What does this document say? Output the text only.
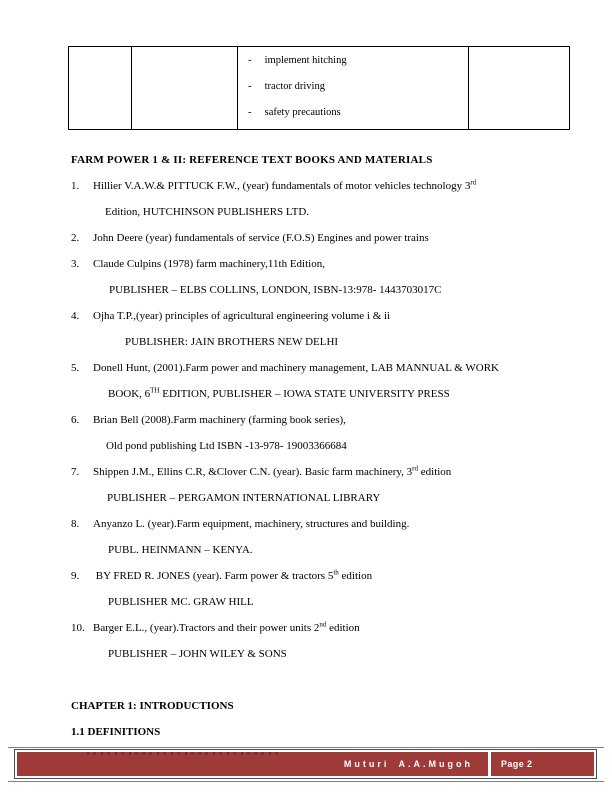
- implement hitching
- tractor driving
- safety precautions

FARM POWER 1 & II: REFERENCE TEXT BOOKS AND MATERIALS
1. Hillier V.A.W.& PITTUCK F.W., (year) fundamentals of motor vehicles technology 3rd
Edition, HUTCHINSON PUBLISHERS LTD.
2. John Deere (year) fundamentals of service (F.O.S) Engines and power trains
3. Claude Culpins (1978) farm machinery,11th Edition,
PUBLISHER – ELBS COLLINS, LONDON, ISBN-13:978- 1443703017C
4. Ojha T.P.,(year) principles of agricultural engineering volume i & ii
PUBLISHER: JAIN BROTHERS NEW DELHI
5. Donell Hunt, (2001).Farm power and machinery management, LAB MANNUAL & WORK
BOOK, 6TH EDITION, PUBLISHER – IOWA STATE UNIVERSITY PRESS
6. Brian Bell (2008).Farm machinery (farming book series),
Old pond publishing Ltd ISBN -13-978- 19003366684
7. Shippen J.M., Ellins C.R, &Clover C.N. (year). Basic farm machinery, 3rd edition
PUBLISHER – PERGAMON INTERNATIONAL LIBRARY
8. Anyanzo L. (year).Farm equipment, machinery, structures and building.
PUBL. HEINMANN – KENYA.
9. BY FRED R. JONES (year). Farm power & tractors 5th edition
PUBLISHER MC. GRAW HILL
10. Barger E.L., (year).Tractors and their power units 2nd edition
PUBLISHER – JOHN WILEY & SONS
CHAPTER 1: INTRODUCTIONS
1.1 DEFINITIONS
Muturi A.A.Mugoh	Page 2
